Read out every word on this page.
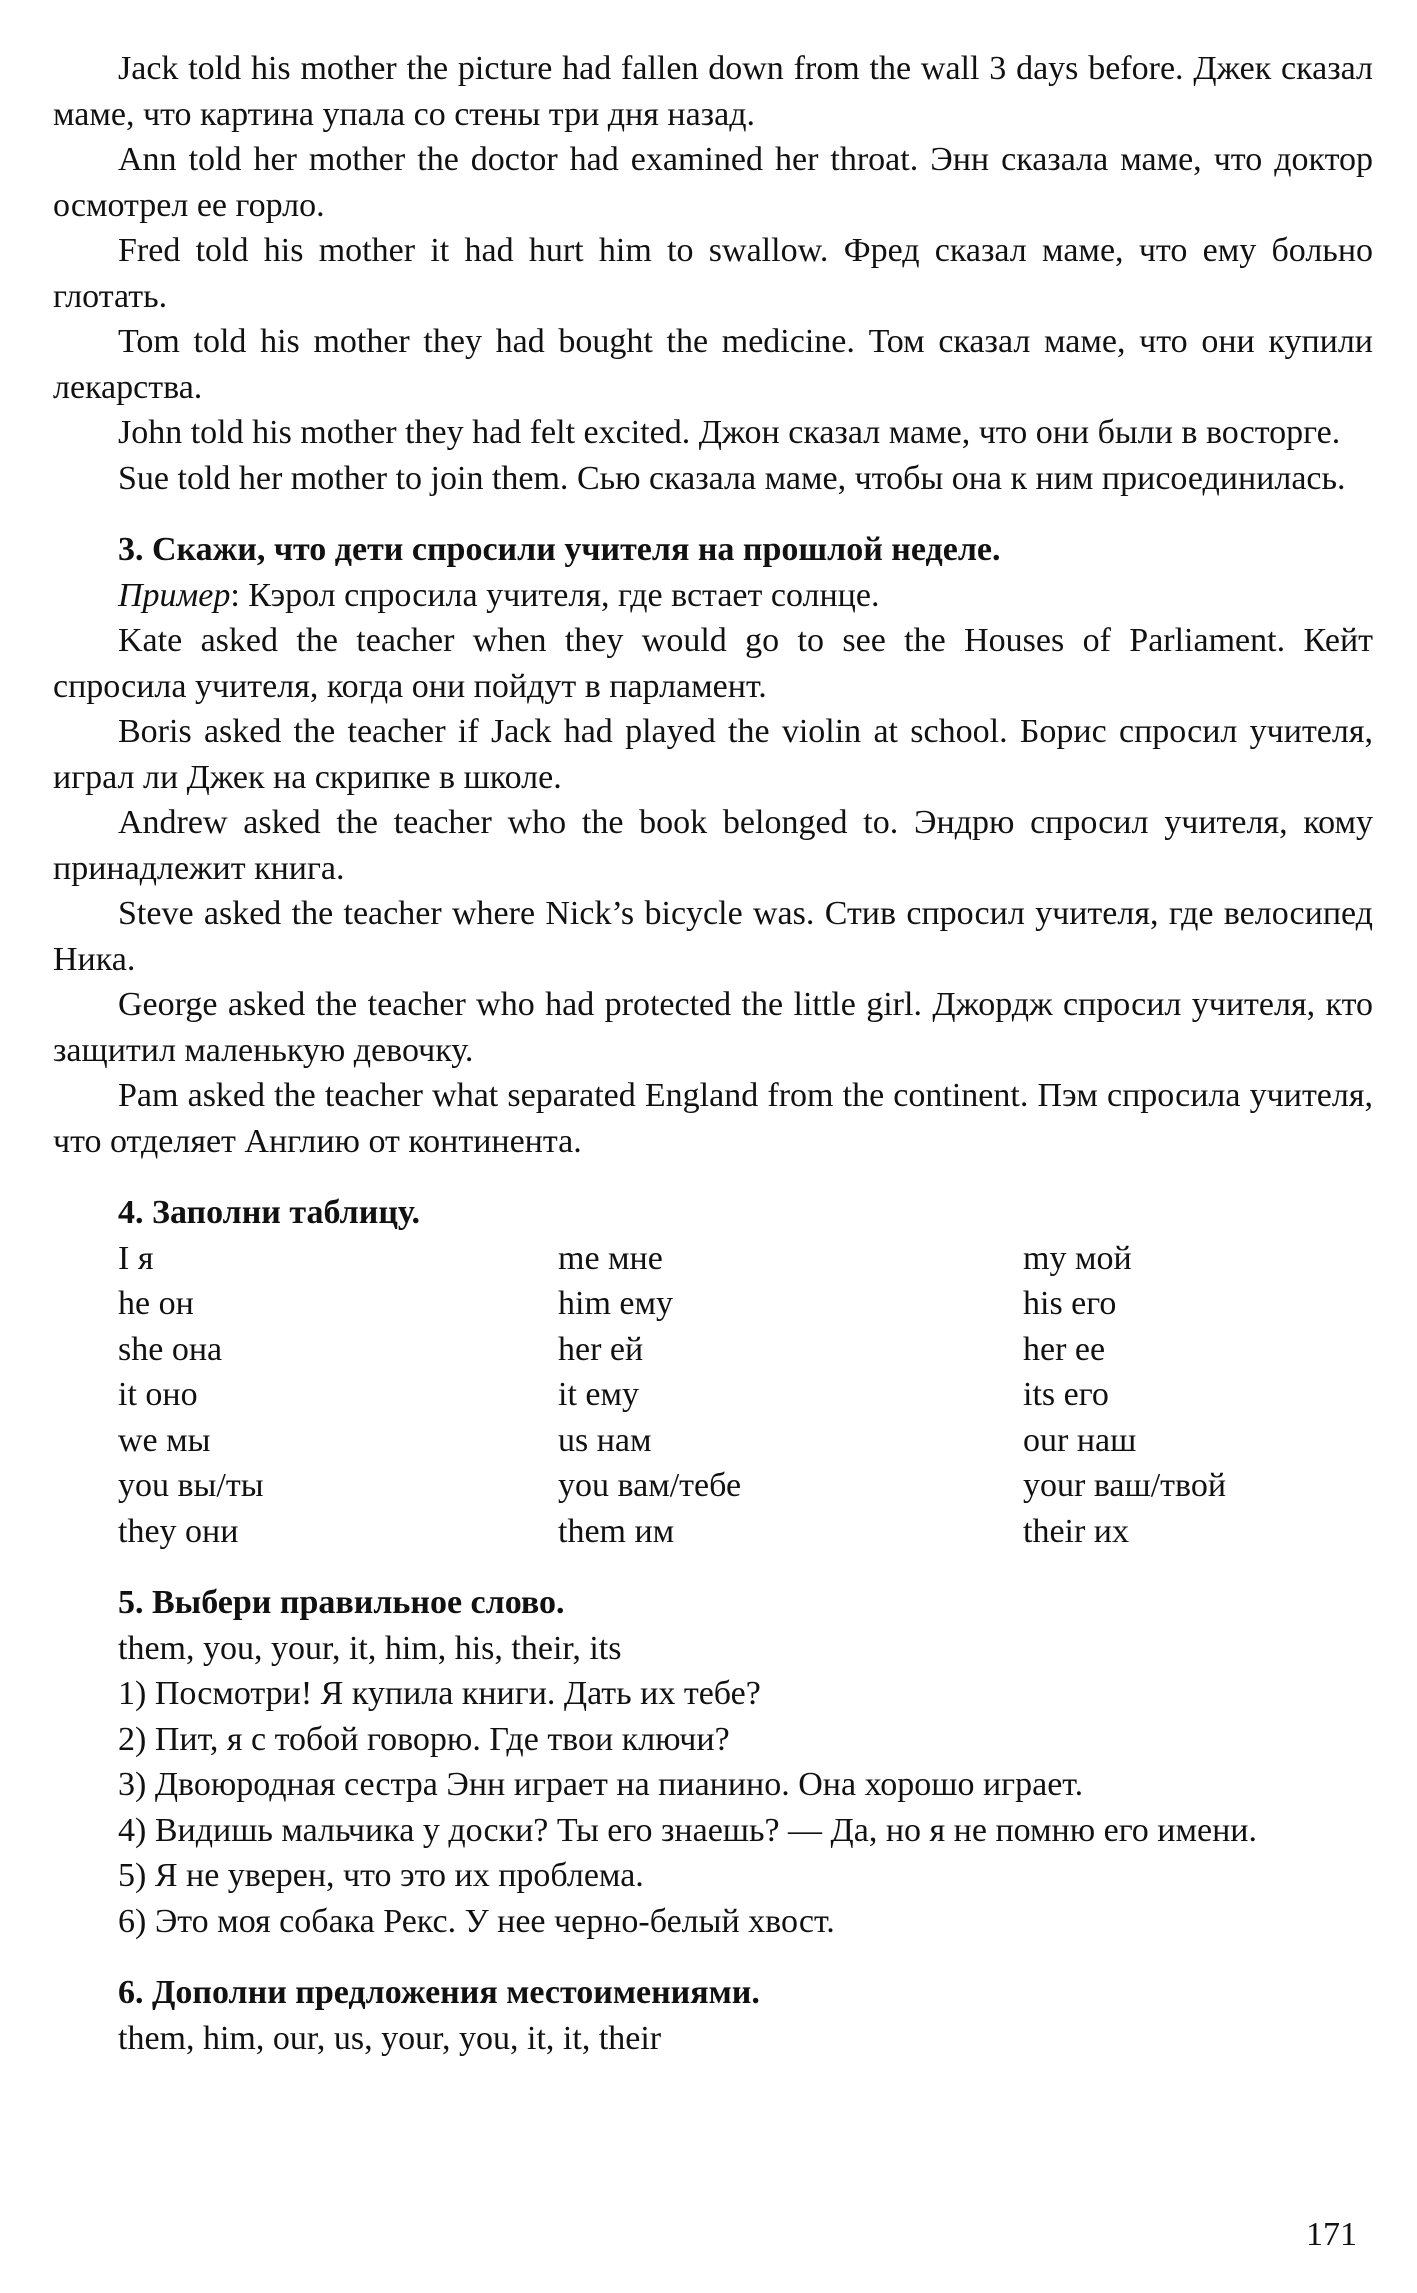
Jack told his mother the picture had fallen down from the wall 3 days before. Джек сказал маме, что картина упала со стены три дня назад.

Ann told her mother the doctor had examined her throat. Энн сказала маме, что доктор осмотрел ее горло.

Fred told his mother it had hurt him to swallow. Фред сказал маме, что ему больно глотать.

Tom told his mother they had bought the medicine. Том сказал маме, что они купили лекарства.

John told his mother they had felt excited. Джон сказал маме, что они были в восторге.

Sue told her mother to join them. Сью сказала маме, чтобы она к ним присоединилась.

3. Скажи, что дети спросили учителя на прошлой неделе.

Пример: Кэрол спросила учителя, где встает солнце.

Kate asked the teacher when they would go to see the Houses of Parliament. Кейт спросила учителя, когда они пойдут в парламент.

Boris asked the teacher if Jack had played the violin at school. Борис спросил учителя, играл ли Джек на скрипке в школе.

Andrew asked the teacher who the book belonged to. Эндрю спросил учителя, кому принадлежит книга.

Steve asked the teacher where Nick’s bicycle was. Стив спросил учителя, где велосипед Ника.

George asked the teacher who had protected the little girl. Джордж спросил учителя, кто защитил маленькую девочку.

Pam asked the teacher what separated England from the continent. Пэм спросила учителя, что отделяет Англию от континента.

4. Заполни таблицу.

I я	me мне	my мой
he он	him ему	his его
she она	her ей	her ее
it оно	it ему	its его
we мы	us нам	our наш
you вы/ты	you вам/тебе	your ваш/твой
they они	them им	their их

5. Выбери правильное слово.

them, you, your, it, him, his, their, its

1) Посмотри! Я купила книги. Дать их тебе?

2) Пит, я с тобой говорю. Где твои ключи?

3) Двоюродная сестра Энн играет на пианино. Она хорошо играет.

4) Видишь мальчика у доски? Ты его знаешь? — Да, но я не помню его имени.

5) Я не уверен, что это их проблема.

6) Это моя собака Рекс. У нее черно-белый хвост.

6. Дополни предложения местоимениями.

them, him, our, us, your, you, it, it, their

171
